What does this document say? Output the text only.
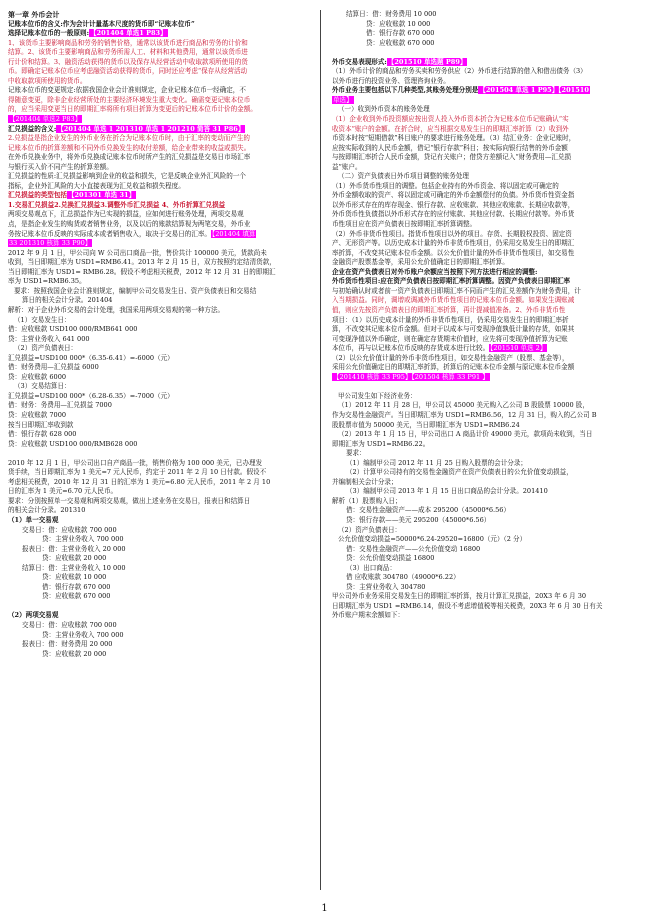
第一章 外币会计
记账本位币的含义:作为会计计量基本尺度的货币即“记账本位币”
选择记账本位币的一般原则:【201404 单选1 P83】
1、该货币主要影响商品和劳务的销售价格，通常以该货币进行商品和劳务的计价和
结算。2、该货币主要影响商品和劳务所需人工、材料和其他费用，通常以该货币进
行计价和结算。3、融资活动获得的货币以及保存从经营活动中收取款项所使用的货
币。即确定记账本位币应考虑融资活动获得的货币，同时还应考虑“保存从经营活动
中收取款项所使用的货币。
记账本位币的变更规定:依据我国企业会计准则规定，企业记账本位币一经确定，不
得随意变更，除非企业经营所处的主要经济环境发生重大变化。确需变更记账本位币
的，应当采用变更当日的即期汇率将所有项目折算为变更后的记账本位币计价的金额。
【201404 单选2 P83】
汇兑损益的含义:【201404 单选 1 201310 单选 1 201210 简答 31 P86】
2.兑损益是指企业发生的外币业务在折合为记账本位币时，由于汇率的变动而产生的
记账本位币的折算差额和不同外币兑换发生的收付差额，给企业带来的收益或损失。
在外币兑换业务中，将外币兑换成记账本位币时所产生的汇兑损益是交易日市场汇率
与银行买入价不同产生的折算差额。
汇兑损益的性质:汇兑损益影响到企业的收益和损失，它是反映企业外汇风险的一个
指标，企业外汇风险的大小直接表现为汇兑收益和损失程度。
汇兑损益的类型包括【201301 单选 31】
1.交易汇兑损益2.兑换汇兑损益3.调整外币汇兑损益 4、外币折算汇兑损益
两项交易观点下，汇总损益作为已实现的损益，应如何进行账务处理，两项交易观
点，是指企业发生的购货或者销售业务，以及以后的账款结算视为两笔交易，外币业
务按记账本位币反映的实际成本或者销售收入，取决于交易日的汇率。【201404 填算
33 201310 核算 33 P90】
2012 年 9 月 1 日，甲公司向 W 公司出口商品一批，售价共计 100000 美元，货款尚未
收到，当日即期汇率为 USD1=RMB6.41。2013 年 2 月 15 日，双方按照约定结清货款，
当日即期汇率为 USD1= RMB6.28。假设不考虑相关税费，2012 年 12 月 31 日的即期汇
率为 USD1=RMB6.35。
要求：按照我国企业会计准则规定，编制甲公司交易发生日、资产负债表日和交易结
算日的相关会计分录。201404
解析：对于企业外币交易的会计处理，我国采用两项交易观的第一种方法。
（1）交易发生日：
借：应收账款 USD100 000/RMB641 000
贷：主营业务收入 641 000
（2）资产负债表日：
汇兑损益=USD100 000*（6.35-6.41）=-6000（元）
借：财务费用—汇兑损益 6000
贷：应收账款 6000
（3）交易结算日：
汇兑损益=USD100 000*（6.28-6.35）=-7000（元）
借：财务：务费用—汇兑损益 7000
贷：应收账款 7000
按当日即期汇率收到款
借：银行存款 628 000
贷：应收账款 USD100 000/RMB628 000

2010 年 12 月 1 日，甲公司出口自产商品一批，销售价格为 100 000 美元，已办理发
货手续，当日即期汇率为 1 美元=7 元人民币，约定于 2011 年 2 月 10 日付款。假设不
考虑相关税费，2010 年 12 月 31 日的汇率为 1 美元=6.80 元人民币，2011 年 2 月 10
日的汇率为 1 美元=6.70 元人民币。
要求：分别按照单一交易观和两项交易观，做出上述业务在交易日，报表日和结算日
的相关会计分录。201310
（1）单一交易观
交易日：借：应收账款 700 000
贷：主营业务收入 700 000
报表日：借：主营业务收入 20 000
贷：应收账款 20 000
结算日：借：主营业务收入 10 000
贷：应收账款 10 000
借：银行存款 670 000
贷：应收账款 670 000

（2）两项交易观
交易日：借：应收账款 700 000
贷：主营业务收入 700 000
报表日：借：财务费用 20 000
贷：应收账款 20 000
结算日：借：财务费用 10 000
贷：应收账款 10 000
借：银行存款 670 000
贷：应收账款 670 000

外币交易表现形式:【201510 单选题 P89】
（1）外币计价的商品和劳务买卖和劳务供应（2）外币进行结算的借入和借出债务（3）
以外币进行的投资业务、管理咨询业务。
外币业务主要包括以下几种类型,其账务处理分别是【201504 单选 1 P95】【201510
单选】
（一）收到外币资本的账务处理
（1）企业收到外币投资额应按出资人投入外币资本折合为记账本位币记账确认“实
收资本”账户的金额。在折合时，应当根据交易发生日的即期汇率折算（2）收到外
币资本时按“短期借款”科目账户的要求进行账务处理。（3）结汇业务：企业记账时，
应按实际收到的人民币金额，借记“银行存款”科目；按实际向银行结售的外币金额
与按即期汇率折合人民币金额，贷记有关账户；借贷方差额记入“财务费用—汇兑损
益”账户。
（二）资产负债表日外币项目调整的账务处理
（1）外币货币性项目的调整。包括企业持有的外币资金、将以固定或可确定的
外币金额收取的资产、将以固定或可确定的外币金额偿付的负债。外币货币性资金指
以外币形式存在的库存现金、银行存款、应收账款、其他应收账款、长期应收款等，
外币货币性负债指以外币形式存在的应付账款、其他应付款、长期应付款等。外币货
币性项目应在资产负债表日按即期汇率折算调整。
（2）外币非货币性项目。指货币性项目以外的项目。存货、长期股权投资、固定资
产、无形资产等。以历史成本计量的外币非货币性项目，仍采用交易发生日的即期汇
率折算，不改变其记账本位币金额。以公允价值计量的外币非货币性项目，如交易性
金融资产股票基金等，采用公允价值确定日的即期汇率折算。
企业在资产负债表日对外币账户余额应当按照下列方法进行相应的调整:
外币货币性项目:应在资产负债表日按即期汇率折算调整。因资产负债表日即期汇率
与初始确认时或者前一资产负债表日即期汇率不同而产生的汇兑差额作为财务费用，计
入当期损益。同时，调增或调减外币货币性项目的记账本位币金额。如果发生调账减
值，则应先按资产负债表日的即期汇率折算，再计提减值准备。2、外币非货币性
项目：（1）以历史成本计量的外币非货币性项目，仍采用交易发生日的即期汇率折
算，不改变其记账本位币金额。但对于以成本与可变现净值孰低计量的存货，如果其
可变现净值以外币确定，则在确定存货期末价值时，应先将可变现净值折算为记账
本位币，再与以记账本位币反映的存货成本进行比较。【201510 单选 2】
（2）以公允价值计量的外币非货币性项目，如交易性金融资产（股票、基金等），
采用公允价值确定日的即期汇率折算，折算后的记账本位币金额与原记账本位币金额
【201410 核算 33 P95】【201504 核算 33 P91 】

甲公司发生如下经济业务：
（1）2012 年 11 月 28 日，甲公司以 45000 美元购入乙公司 B 股股票 10000 股，
作为交易性金融资产。当日即期汇率为 USD1=RMB6.56，12 月 31 日，购入的乙公司 B
股股票市值为 50000 美元，当日即期汇率为 USD1=RMB6.24
（2）2013 年 1 月 15 日，甲公司出口 A 商品计价 49000 美元，款项尚未收到，当日
即期汇率为 USD1=RMB6.22。
要求：
（1）编制甲公司 2012 年 11 月 25 日购入股票的会计分录；
（2）计算甲公司持有的交易性金融资产在资产负债表日的公允价值变动损益，
并编制相关会计分录；
（3）编制甲公司 2013 年 1 月 15 日出口商品的会计分录。201410
解析（1）股票购入日；
借：交易性金融资产——成本 295200（45000*6.56）
贷：银行存款——美元 295200（45000*6.56）
（2）资产负债表日：
公允价值变动损益=50000*6.24-29520=16800（元）（2 分）
借：交易性金融资产——公允价值变动 16800
贷：公允价值变动损益 16800
（3）出口商品：
借 应收账款 304780（49000*6.22）
贷：主营业务收入 304780
甲公司外币业务采用交易发生日的即期汇率折算，按月计算汇兑损益，20X3 年 6 月 30
日即期汇率为 USD1 =RMB6.14，假设不考虑增值税等相关税费，20X3 年 6 月 30 日有关
外币账户期末余额如下：
1
